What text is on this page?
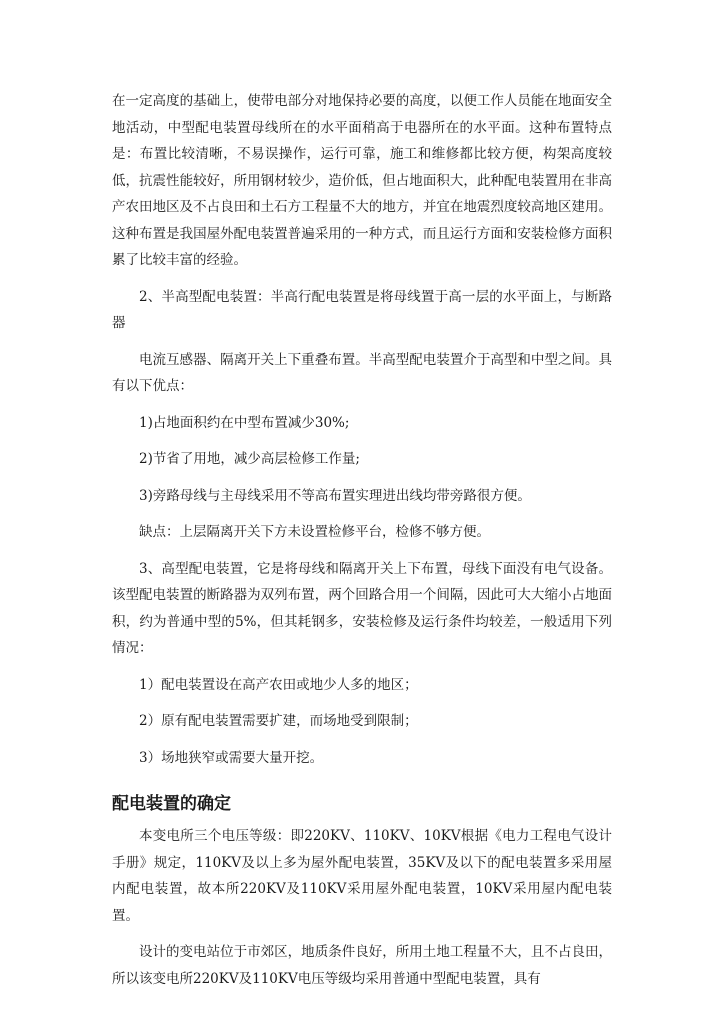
在一定高度的基础上，使带电部分对地保持必要的高度，以便工作人员能在地面安全地活动，中型配电装置母线所在的水平面稍高于电器所在的水平面。这种布置特点是：布置比较清晰，不易误操作，运行可靠，施工和维修都比较方便，构架高度较低，抗震性能较好，所用钢材较少，造价低，但占地面积大，此种配电装置用在非高产农田地区及不占良田和土石方工程量不大的地方，并宜在地震烈度较高地区建用。这种布置是我国屋外配电装置普遍采用的一种方式，而且运行方面和安装检修方面积累了比较丰富的经验。

2、半高型配电装置：半高行配电装置是将母线置于高一层的水平面上，与断路器

电流互感器、隔离开关上下重叠布置。半高型配电装置介于高型和中型之间。具有以下优点：

1)占地面积约在中型布置减少30%;

2)节省了用地，减少高层检修工作量;

3)旁路母线与主母线采用不等高布置实理进出线均带旁路很方便。

缺点：上层隔离开关下方未设置检修平台，检修不够方便。

3、高型配电装置，它是将母线和隔离开关上下布置，母线下面没有电气设备。该型配电装置的断路器为双列布置，两个回路合用一个间隔，因此可大大缩小占地面积，约为普通中型的5%，但其耗钢多，安装检修及运行条件均较差，一般适用下列情况：

1）配电装置设在高产农田或地少人多的地区；

2）原有配电装置需要扩建，而场地受到限制；

3）场地狭窄或需要大量开挖。

配电装置的确定

本变电所三个电压等级：即220KV、110KV、10KV根据《电力工程电气设计手册》规定，110KV及以上多为屋外配电装置，35KV及以下的配电装置多采用屋内配电装置，故本所220KV及110KV采用屋外配电装置，10KV采用屋内配电装置。

设计的变电站位于市郊区，地质条件良好，所用土地工程量不大，且不占良田，所以该变电所220KV及110KV电压等级均采用普通中型配电装置，具有
